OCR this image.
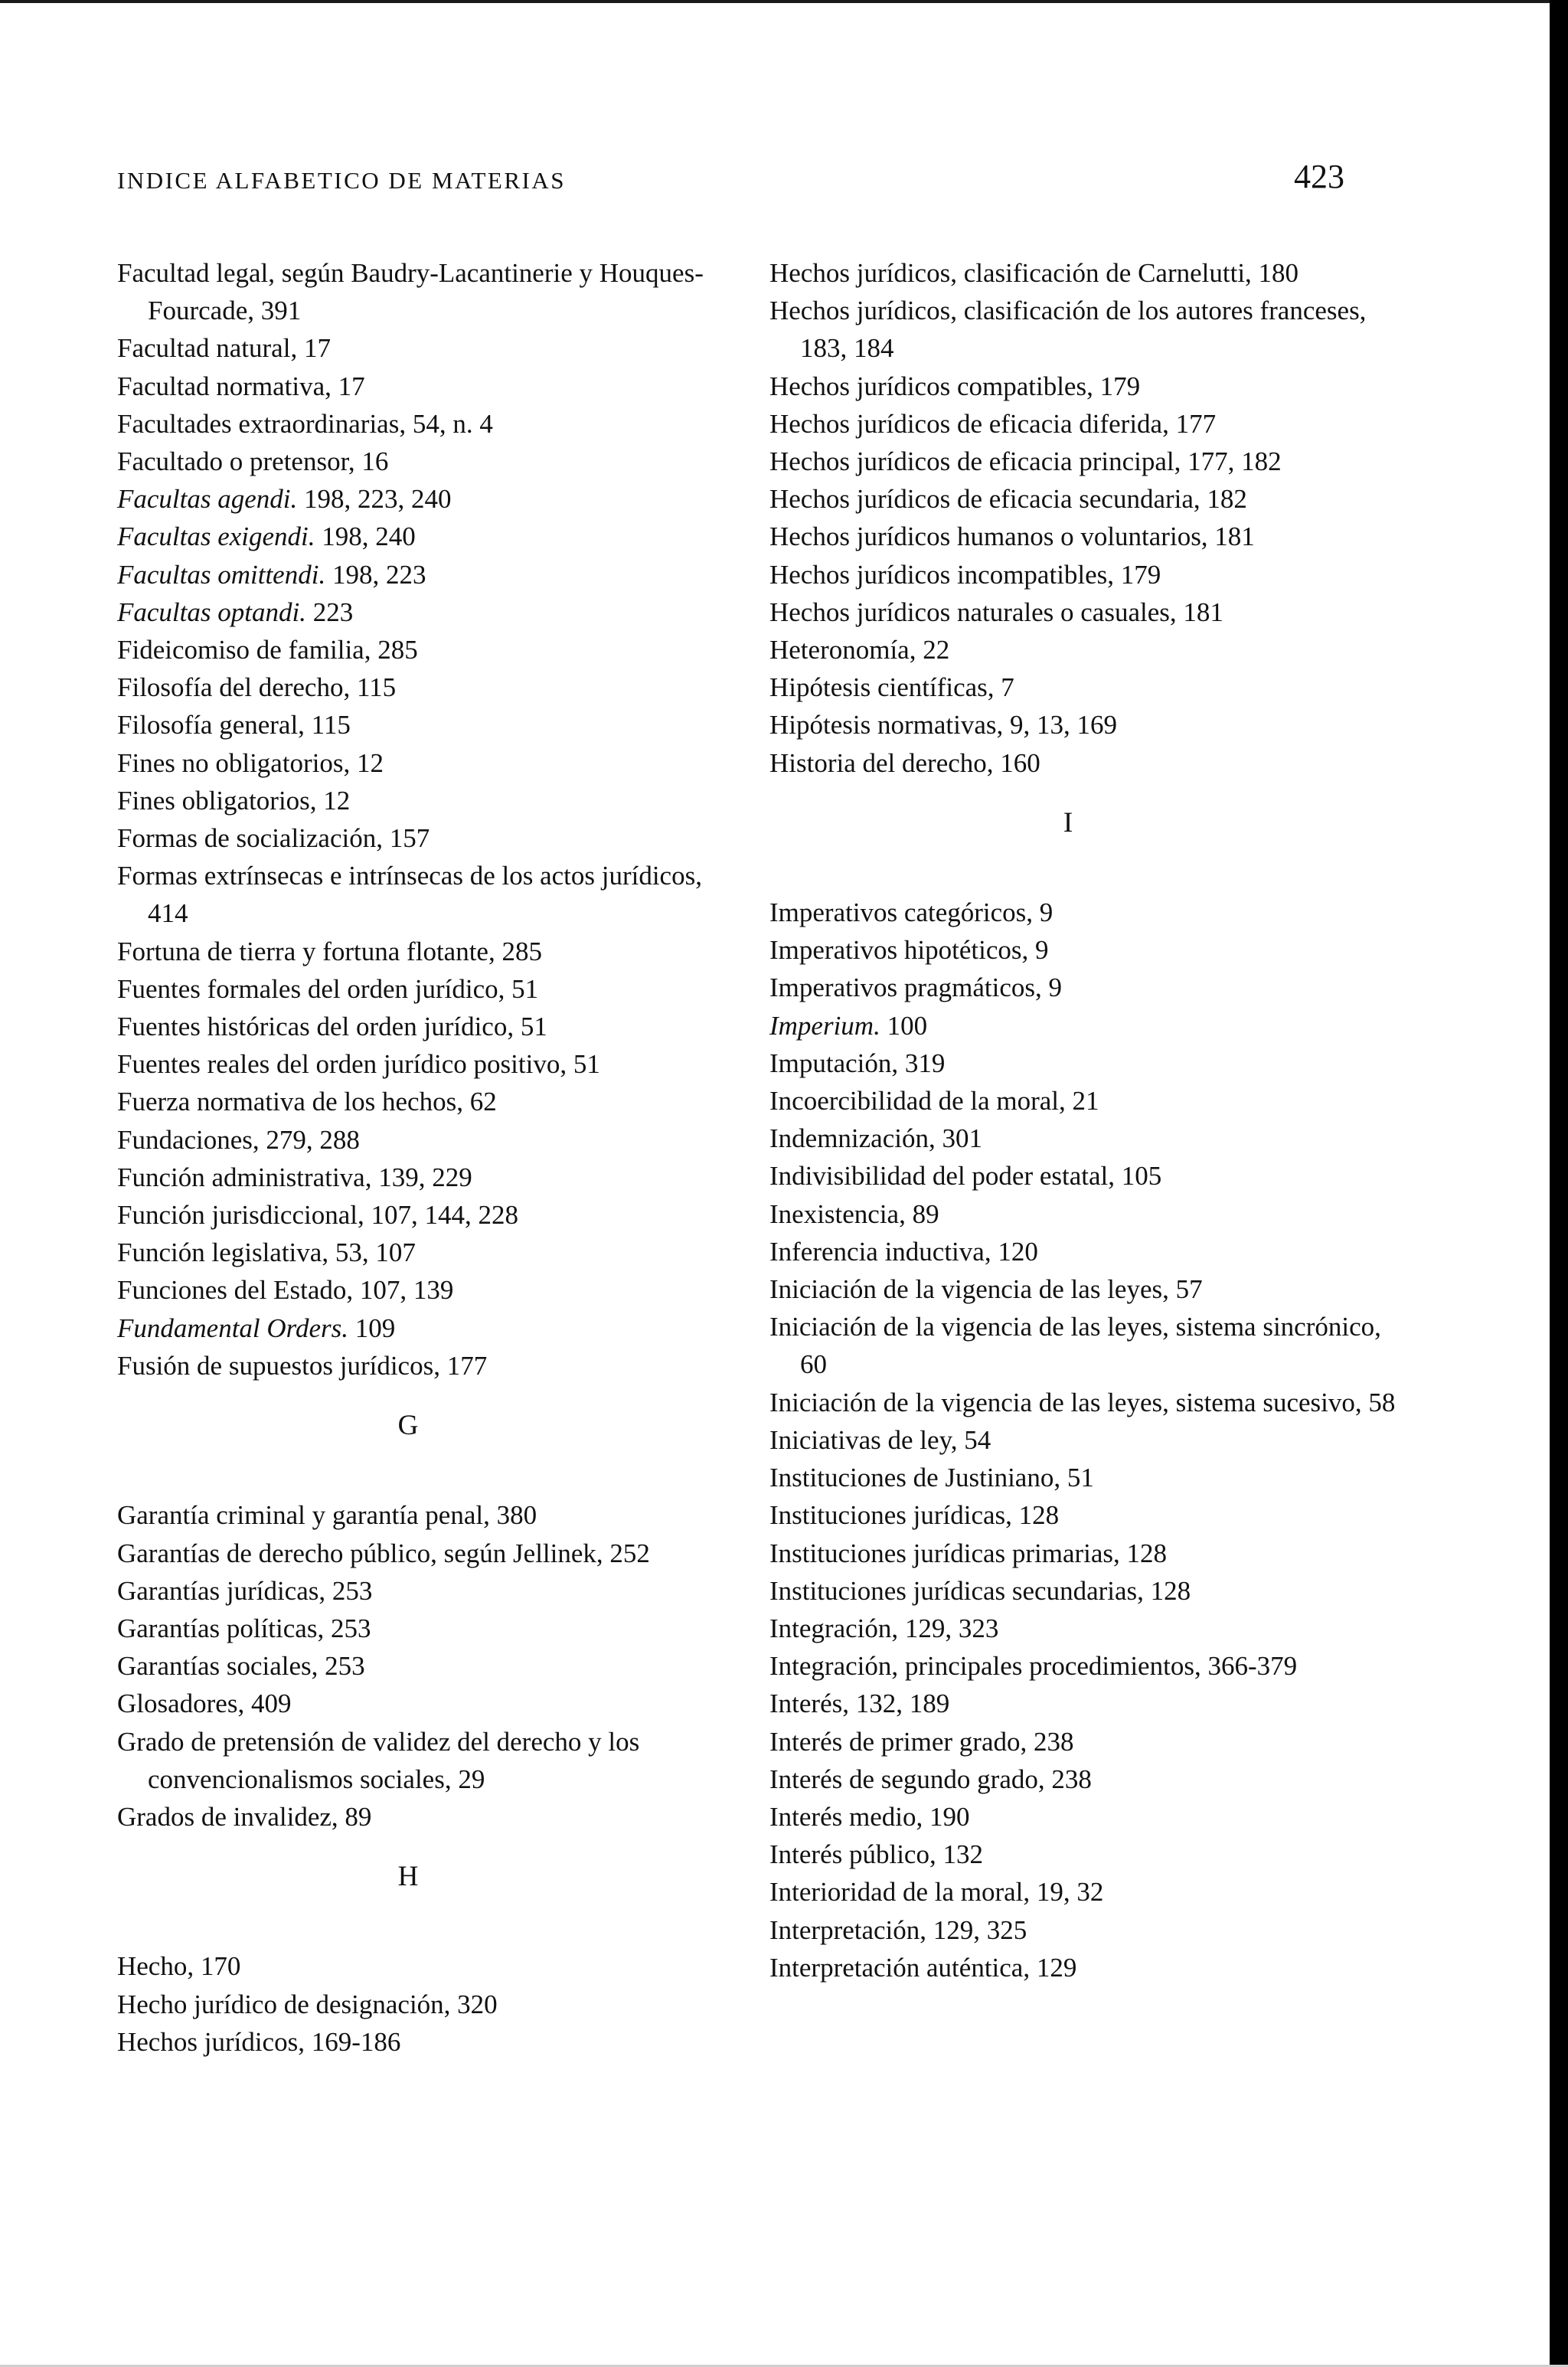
INDICE ALFABETICO DE MATERIAS	423
Facultad legal, según Baudry-Lacantinerie y Houques-Fourcade, 391
Facultad natural, 17
Facultad normativa, 17
Facultades extraordinarias, 54, n. 4
Facultado o pretensor, 16
Facultas agendi. 198, 223, 240
Facultas exigendi. 198, 240
Facultas omittendi. 198, 223
Facultas optandi. 223
Fideicomiso de familia, 285
Filosofía del derecho, 115
Filosofía general, 115
Fines no obligatorios, 12
Fines obligatorios, 12
Formas de socialización, 157
Formas extrínsecas e intrínsecas de los actos jurídicos, 414
Fortuna de tierra y fortuna flotante, 285
Fuentes formales del orden jurídico, 51
Fuentes históricas del orden jurídico, 51
Fuentes reales del orden jurídico positivo, 51
Fuerza normativa de los hechos, 62
Fundaciones, 279, 288
Función administrativa, 139, 229
Función jurisdiccional, 107, 144, 228
Función legislativa, 53, 107
Funciones del Estado, 107, 139
Fundamental Orders. 109
Fusión de supuestos jurídicos, 177
G
Garantía criminal y garantía penal, 380
Garantías de derecho público, según Jellinek, 252
Garantías jurídicas, 253
Garantías políticas, 253
Garantías sociales, 253
Glosadores, 409
Grado de pretensión de validez del derecho y los convencionalismos sociales, 29
Grados de invalidez, 89
H
Hecho, 170
Hecho jurídico de designación, 320
Hechos jurídicos, 169-186
Hechos jurídicos, clasificación de Carnelutti, 180
Hechos jurídicos, clasificación de los autores franceses, 183, 184
Hechos jurídicos compatibles, 179
Hechos jurídicos de eficacia diferida, 177
Hechos jurídicos de eficacia principal, 177, 182
Hechos jurídicos de eficacia secundaria, 182
Hechos jurídicos humanos o voluntarios, 181
Hechos jurídicos incompatibles, 179
Hechos jurídicos naturales o casuales, 181
Heteronomía, 22
Hipótesis científicas, 7
Hipótesis normativas, 9, 13, 169
Historia del derecho, 160
I
Imperativos categóricos, 9
Imperativos hipotéticos, 9
Imperativos pragmáticos, 9
Imperium. 100
Imputación, 319
Incoercibilidad de la moral, 21
Indemnización, 301
Indivisibilidad del poder estatal, 105
Inexistencia, 89
Inferencia inductiva, 120
Iniciación de la vigencia de las leyes, 57
Iniciación de la vigencia de las leyes, sistema sincrónico, 60
Iniciación de la vigencia de las leyes, sistema sucesivo, 58
Iniciativas de ley, 54
Instituciones de Justiniano, 51
Instituciones jurídicas, 128
Instituciones jurídicas primarias, 128
Instituciones jurídicas secundarias, 128
Integración, 129, 323
Integración, principales procedimientos, 366-379
Interés, 132, 189
Interés de primer grado, 238
Interés de segundo grado, 238
Interés medio, 190
Interés público, 132
Interioridad de la moral, 19, 32
Interpretación, 129, 325
Interpretación auténtica, 129
